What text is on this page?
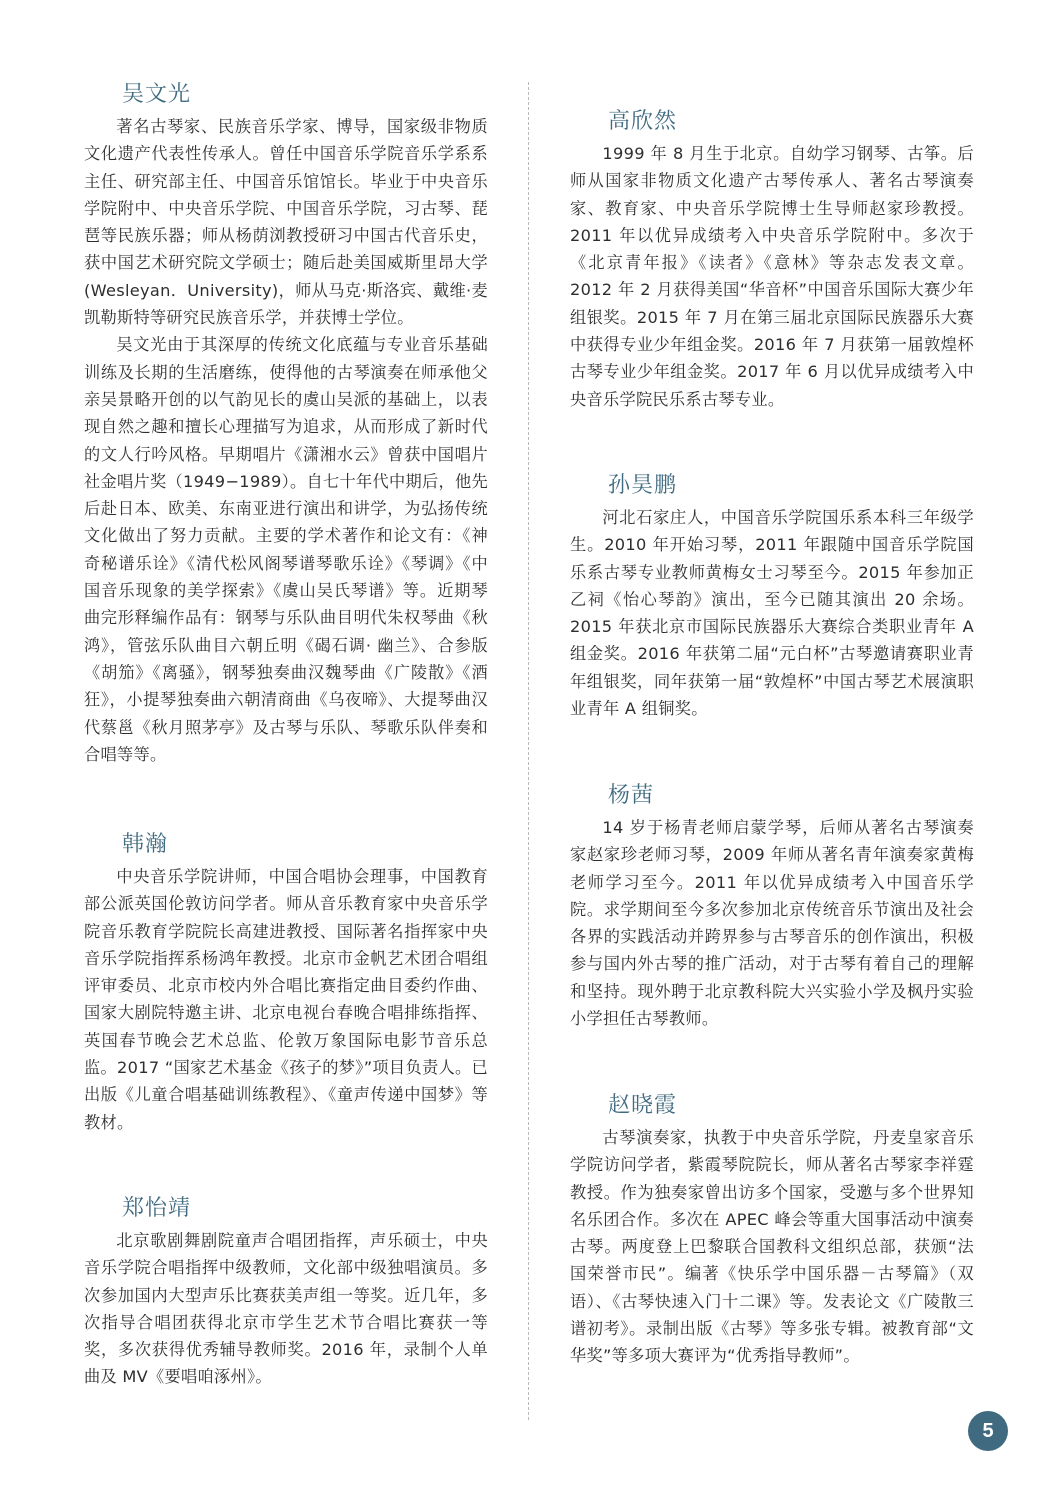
吴文光

著名古琴家、民族音乐学家、博导，国家级非物质文化遗产代表性传承人。曾任中国音乐学院音乐学系系主任、研究部主任、中国音乐馆馆长。毕业于中央音乐学院附中、中央音乐学院、中国音乐学院，习古琴、琵琶等民族乐器；师从杨荫浏教授研习中国古代音乐史，获中国艺术研究院文学硕士；随后赴美国威斯里昂大学(Wesleyan．University)，师从马克·斯洛宾、戴维·麦凯勒斯特等研究民族音乐学，并获博士学位。

吴文光由于其深厚的传统文化底蕴与专业音乐基础训练及长期的生活磨练，使得他的古琴演奏在师承他父亲吴景略开创的以气韵见长的虞山吴派的基础上，以表现自然之趣和擅长心理描写为追求，从而形成了新时代的文人行吟风格。早期唱片《潇湘水云》曾获中国唱片社金唱片奖（1949−1989）。自七十年代中期后，他先后赴日本、欧美、东南亚进行演出和讲学，为弘扬传统文化做出了努力贡献。主要的学术著作和论文有：《神奇秘谱乐诠》《清代松风阁琴谱琴歌乐诠》《琴调》《中国音乐现象的美学探索》《虞山吴氏琴谱》等。近期琴曲完形释编作品有：钢琴与乐队曲目明代朱权琴曲《秋鸿》，管弦乐队曲目六朝丘明《碣石调· 幽兰》、合参版《胡笳》《离骚》，钢琴独奏曲汉魏琴曲《广陵散》《酒狂》，小提琴独奏曲六朝清商曲《乌夜啼》、大提琴曲汉代蔡邕《秋月照茅亭》及古琴与乐队、琴歌乐队伴奏和合唱等等。

韩瀚

中央音乐学院讲师，中国合唱协会理事，中国教育部公派英国伦敦访问学者。师从音乐教育家中央音乐学院音乐教育学院院长高建进教授、国际著名指挥家中央音乐学院指挥系杨鸿年教授。北京市金帆艺术团合唱组评审委员、北京市校内外合唱比赛指定曲目委约作曲、国家大剧院特邀主讲、北京电视台春晚合唱排练指挥、英国春节晚会艺术总监、伦敦万象国际电影节音乐总监。2017 “国家艺术基金《孩子的梦》”项目负责人。已出版《儿童合唱基础训练教程》、《童声传递中国梦》等教材。

郑怡靖

北京歌剧舞剧院童声合唱团指挥，声乐硕士，中央音乐学院合唱指挥中级教师，文化部中级独唱演员。多次参加国内大型声乐比赛获美声组一等奖。近几年，多次指导合唱团获得北京市学生艺术节合唱比赛获一等奖，多次获得优秀辅导教师奖。2016 年，录制个人单曲及 MV《要唱咱涿州》。

高欣然

1999 年 8 月生于北京。自幼学习钢琴、古筝。后师从国家非物质文化遗产古琴传承人、著名古琴演奏家、教育家、中央音乐学院博士生导师赵家珍教授。2011 年以优异成绩考入中央音乐学院附中。多次于《北京青年报》《读者》《意林》等杂志发表文章。2012 年 2 月获得美国“华音杯”中国音乐国际大赛少年组银奖。2015 年 7 月在第三届北京国际民族器乐大赛中获得专业少年组金奖。2016 年 7 月获第一届敦煌杯古琴专业少年组金奖。2017 年 6 月以优异成绩考入中央音乐学院民乐系古琴专业。

孙昊鹏

河北石家庄人，中国音乐学院国乐系本科三年级学生。2010 年开始习琴，2011 年跟随中国音乐学院国乐系古琴专业教师黄梅女士习琴至今。2015 年参加正乙祠《怡心琴韵》演出，至今已随其演出 20 余场。2015 年获北京市国际民族器乐大赛综合类职业青年 A 组金奖。2016 年获第二届“元白杯”古琴邀请赛职业青年组银奖，同年获第一届“敦煌杯”中国古琴艺术展演职业青年 A 组铜奖。

杨茜

14 岁于杨青老师启蒙学琴，后师从著名古琴演奏家赵家珍老师习琴，2009 年师从著名青年演奏家黄梅老师学习至今。2011 年以优异成绩考入中国音乐学院。求学期间至今多次参加北京传统音乐节演出及社会各界的实践活动并跨界参与古琴音乐的创作演出，积极参与国内外古琴的推广活动，对于古琴有着自己的理解和坚持。现外聘于北京教科院大兴实验小学及枫丹实验小学担任古琴教师。

赵晓霞

古琴演奏家，执教于中央音乐学院，丹麦皇家音乐学院访问学者，紫霞琴院院长，师从著名古琴家李祥霆教授。作为独奏家曾出访多个国家，受邀与多个世界知名乐团合作。多次在 APEC 峰会等重大国事活动中演奏古琴。两度登上巴黎联合国教科文组织总部，获颁“法国荣誉市民”。编著《快乐学中国乐器－古琴篇》（双语）、《古琴快速入门十二课》等。发表论文《广陵散三谱初考》。录制出版《古琴》等多张专辑。被教育部“文华奖”等多项大赛评为“优秀指导教师”。

5
